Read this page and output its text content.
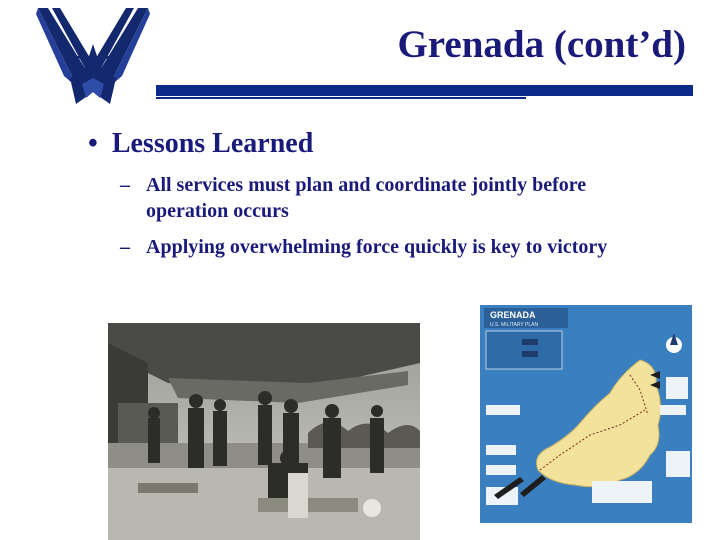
Grenada (cont’d)
• Lessons Learned
– All services must plan and coordinate jointly before operation occurs
– Applying overwhelming force quickly is key to victory
GRENADA
U.S. MILITARY PLAN
